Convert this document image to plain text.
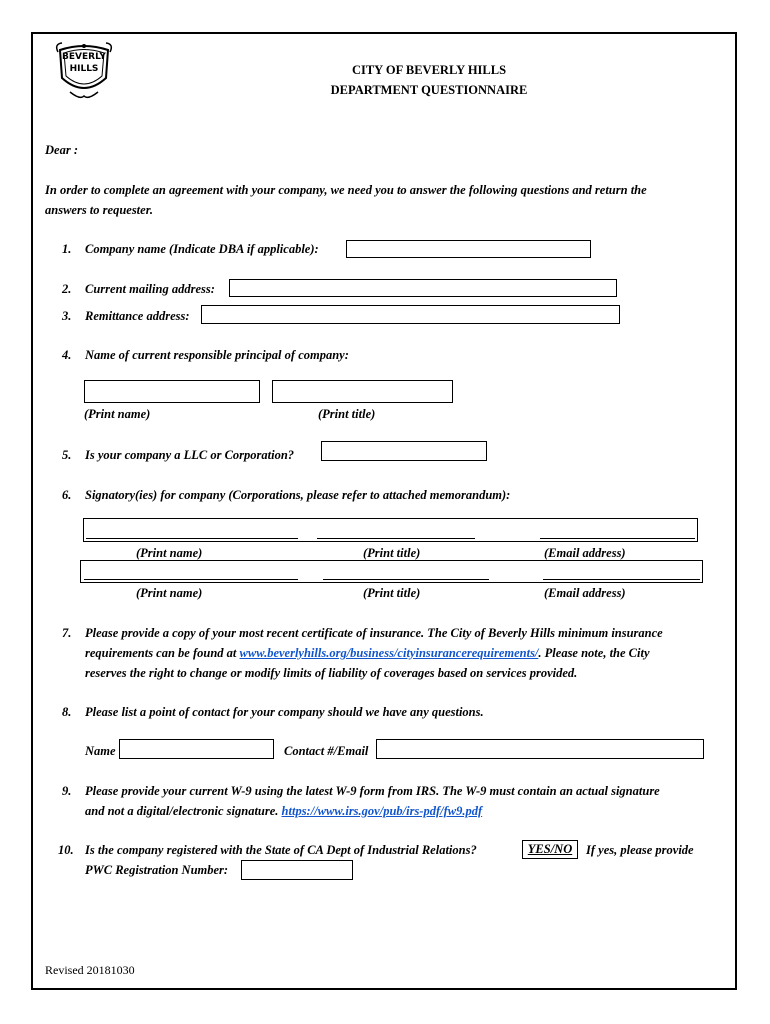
BEVERLY
HILLS	CITY OF BEVERLY HILLS
DEPARTMENT QUESTIONNAIRE
Dear :
In order to complete an agreement with your company, we need you to answer the following questions and return the
answers to requester.
1. Company name (Indicate DBA if applicable):
2. Current mailing address:
3. Remittance address:
4. Name of current responsible principal of company:
(Print name)	(Print title)
5. Is your company a LLC or Corporation?
6. Signatory(ies) for company (Corporations, please refer to attached memorandum):
(Print name)	(Print title)	(Email address)
(Print name)	(Print title)	(Email address)
7. Please provide a copy of your most recent certificate of insurance. The City of Beverly Hills minimum insurance
requirements can be found at www.beverlyhills.org/business/cityinsurancerequirements/. Please note, the City
reserves the right to change or modify limits of liability of coverages based on services provided.
8. Please list a point of contact for your company should we have any questions.
Name	Contact #/Email
9. Please provide your current W-9 using the latest W-9 form from IRS. The W-9 must contain an actual signature
and not a digital/electronic signature. https://www.irs.gov/pub/irs-pdf/fw9.pdf
10. Is the company registered with the State of CA Dept of Industrial Relations?	YES/NO	If yes, please provide
PWC Registration Number:
Revised 20181030
